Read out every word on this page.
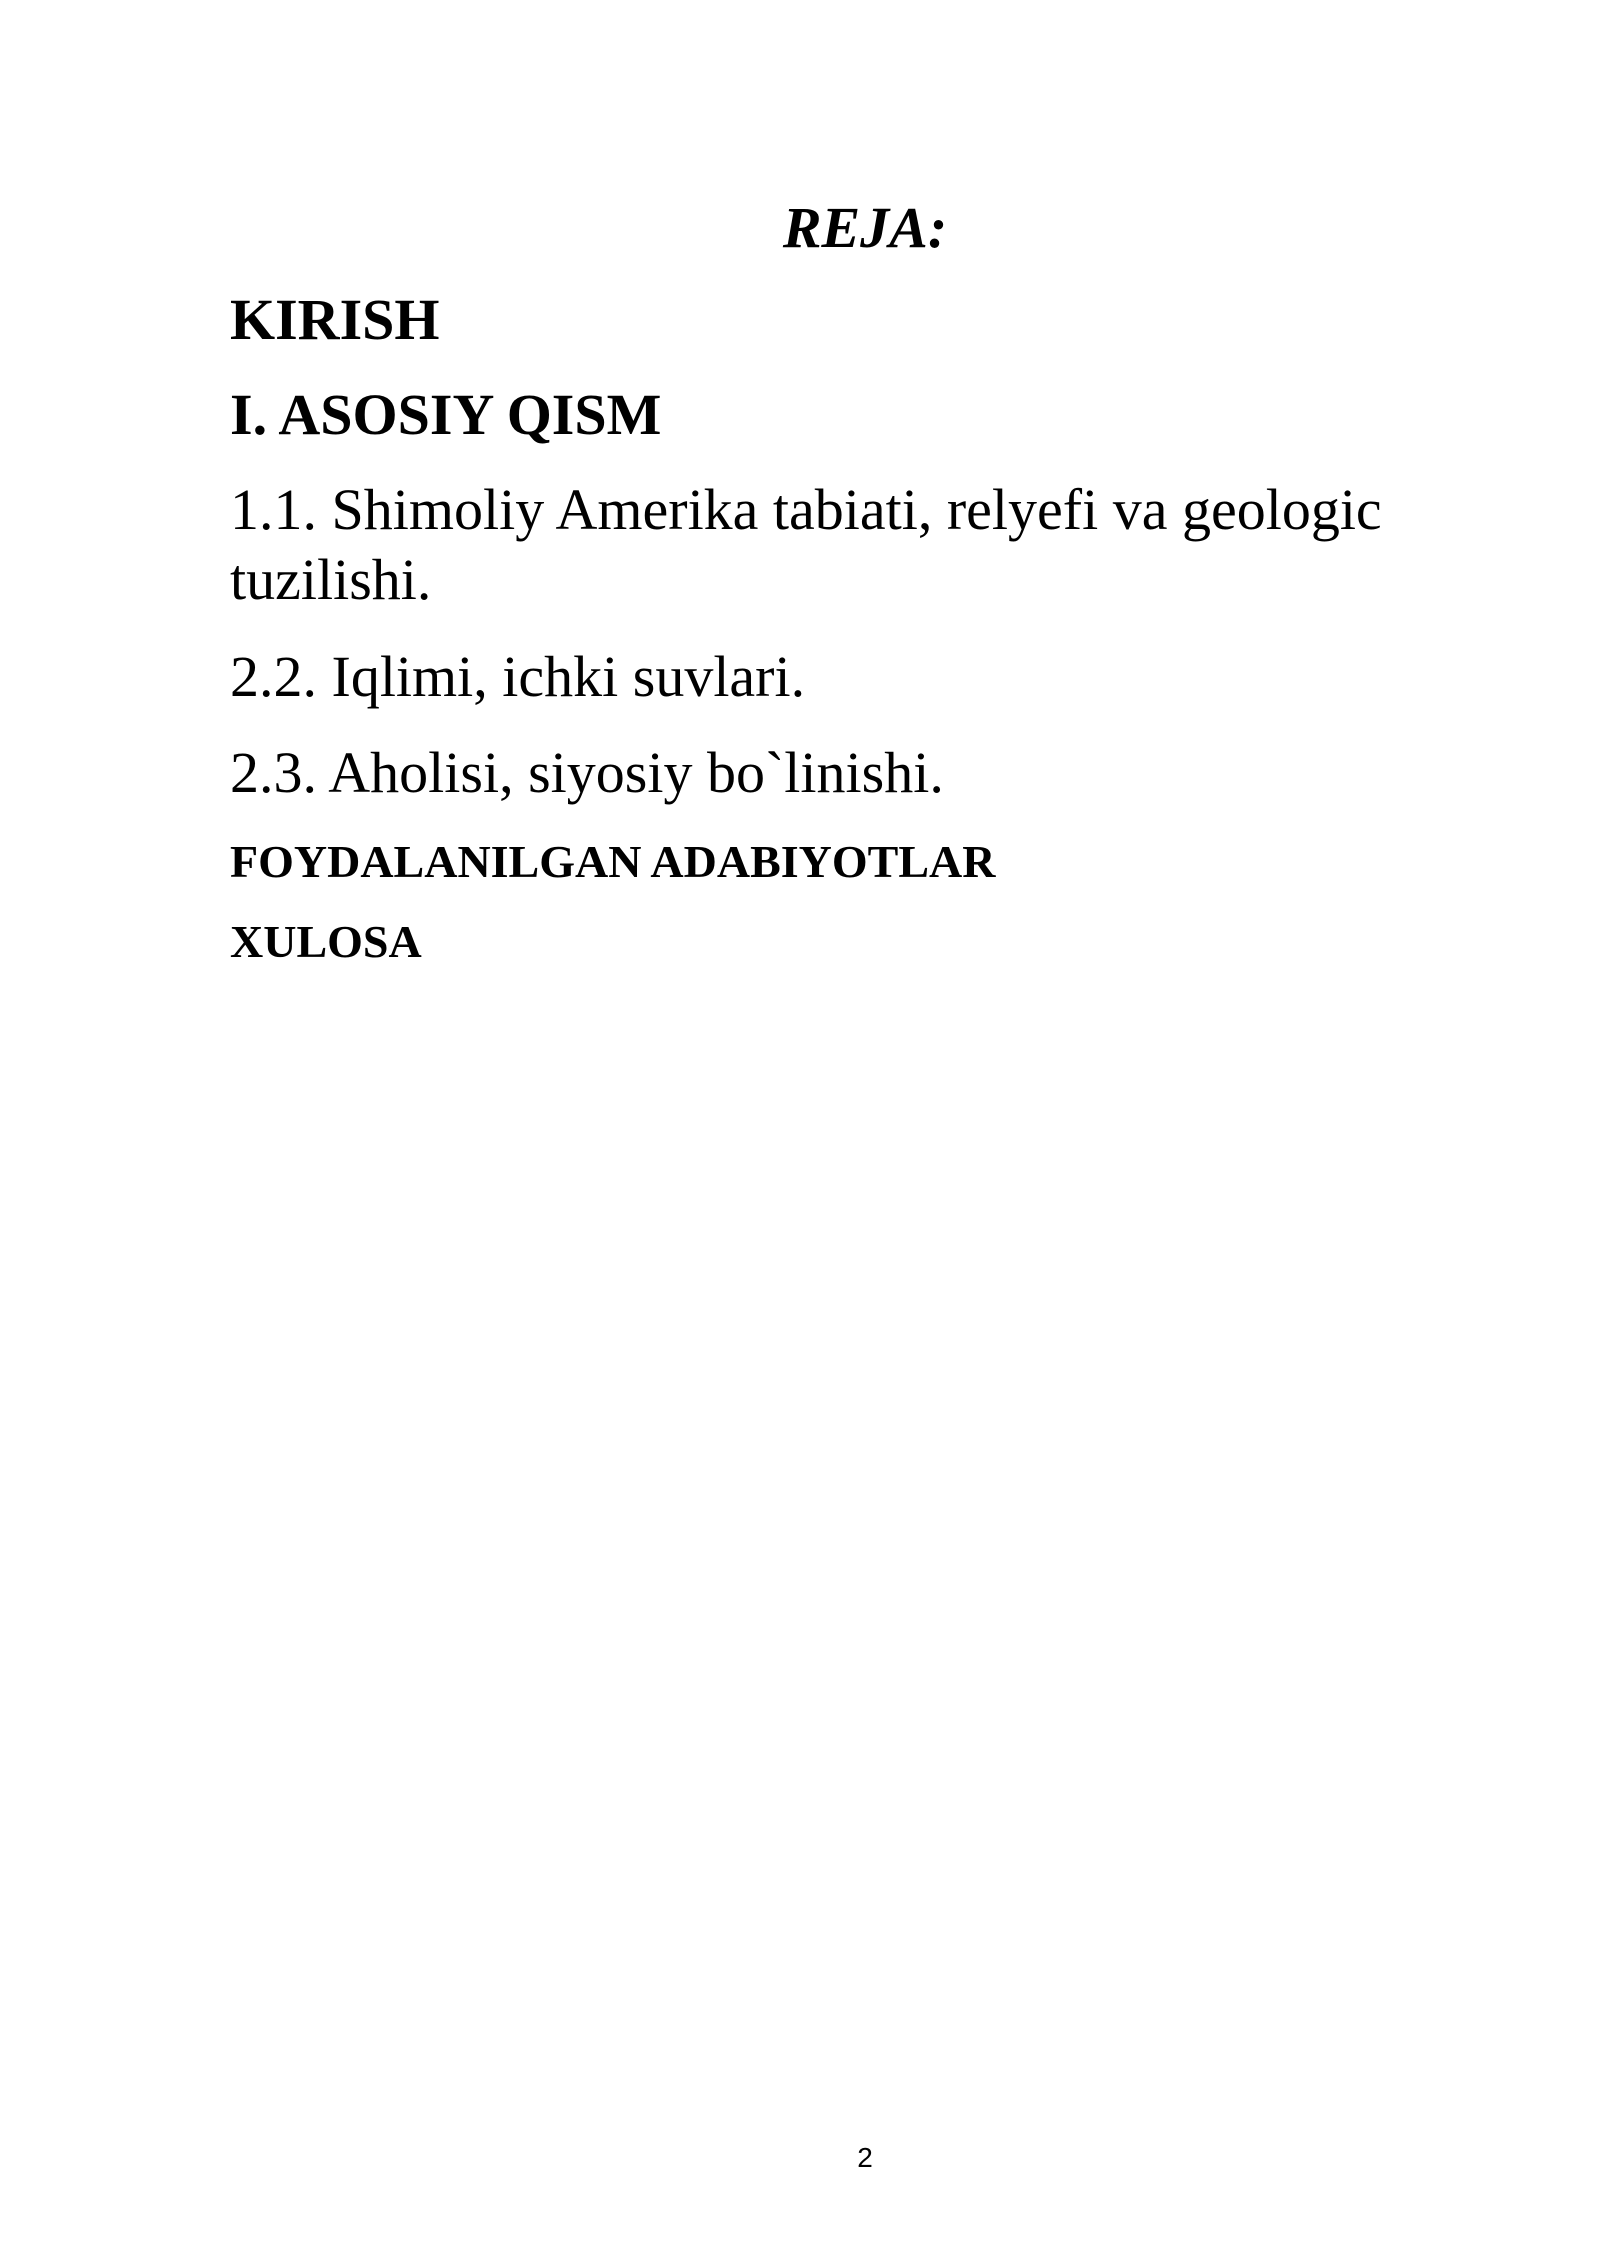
REJA:
KIRISH
I. ASOSIY QISM
1.1. Shimoliy Amerika tabiati, relyefi va geologic tuzilishi.
2.2. Iqlimi, ichki suvlari.
2.3. Aholisi, siyosiy bo`linishi.
FOYDALANILGAN ADABIYOTLAR
XULOSA
2
